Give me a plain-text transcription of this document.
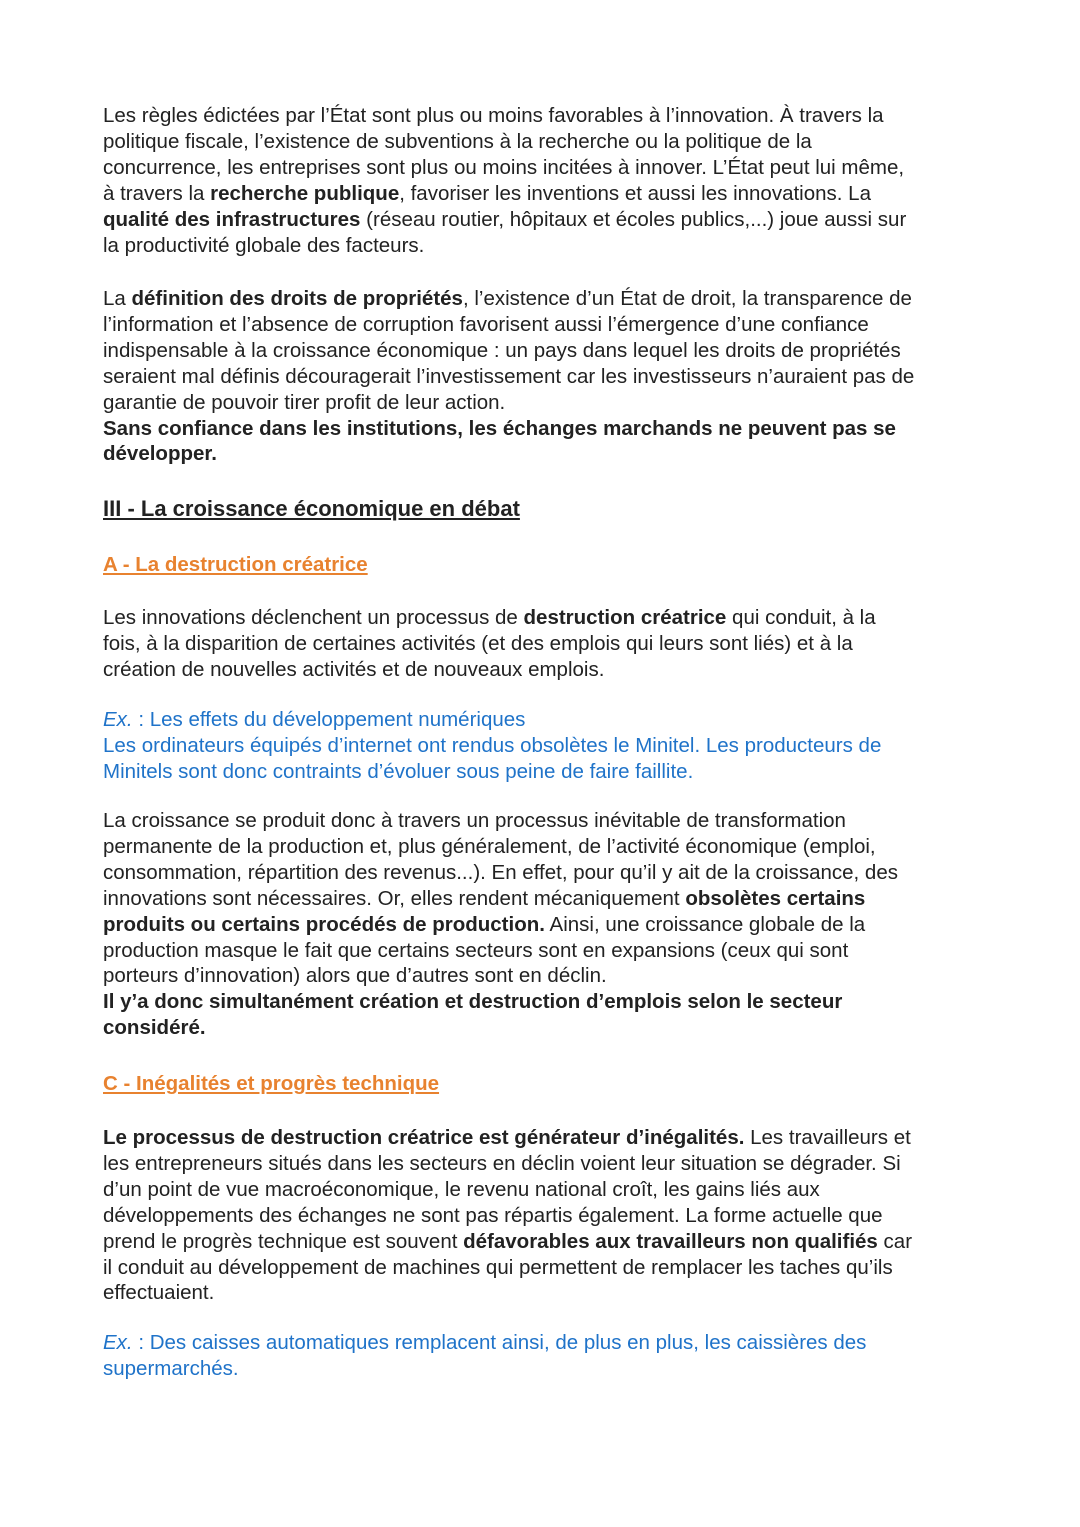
Les règles édictées par l’État sont plus ou moins favorables à l’innovation. À travers la
politique fiscale, l’existence de subventions à la recherche ou la politique de la
concurrence, les entreprises sont plus ou moins incitées à innover. L’État peut lui même,
à travers la recherche publique, favoriser les inventions et aussi les innovations. La
qualité des infrastructures (réseau routier, hôpitaux et écoles publics,...) joue aussi sur
la productivité globale des facteurs.
La définition des droits de propriétés, l’existence d’un État de droit, la transparence de
l’information et l’absence de corruption favorisent aussi l’émergence d’une confiance
indispensable à la croissance économique : un pays dans lequel les droits de propriétés
seraient mal définis découragerait l’investissement car les investisseurs n’auraient pas de
garantie de pouvoir tirer profit de leur action.
Sans confiance dans les institutions, les échanges marchands ne peuvent pas se
développer.
III - La croissance économique en débat
A - La destruction créatrice
Les innovations déclenchent un processus de destruction créatrice qui conduit, à la
fois, à la disparition de certaines activités (et des emplois qui leurs sont liés) et à la
création de nouvelles activités et de nouveaux emplois.
Ex. : Les effets du développement numériques
Les ordinateurs équipés d’internet ont rendus obsolètes le Minitel. Les producteurs de
Minitels sont donc contraints d’évoluer sous peine de faire faillite.
La croissance se produit donc à travers un processus inévitable de transformation
permanente de la production et, plus généralement, de l’activité économique (emploi,
consommation, répartition des revenus...). En effet, pour qu’il y ait de la croissance, des
innovations sont nécessaires. Or, elles rendent mécaniquement obsolètes certains
produits ou certains procédés de production. Ainsi, une croissance globale de la
production masque le fait que certains secteurs sont en expansions (ceux qui sont
porteurs d’innovation) alors que d’autres sont en déclin.
Il y’a donc simultanément création et destruction d’emplois selon le secteur
considéré.
C - Inégalités et progrès technique
Le processus de destruction créatrice est générateur d’inégalités. Les travailleurs et
les entrepreneurs situés dans les secteurs en déclin voient leur situation se dégrader. Si
d’un point de vue macroéconomique, le revenu national croît, les gains liés aux
développements des échanges ne sont pas répartis également. La forme actuelle que
prend le progrès technique est souvent défavorables aux travailleurs non qualifiés car
il conduit au développement de machines qui permettent de remplacer les taches qu’ils
effectuaient.
Ex. : Des caisses automatiques remplacent ainsi, de plus en plus, les caissières des
supermarchés.
